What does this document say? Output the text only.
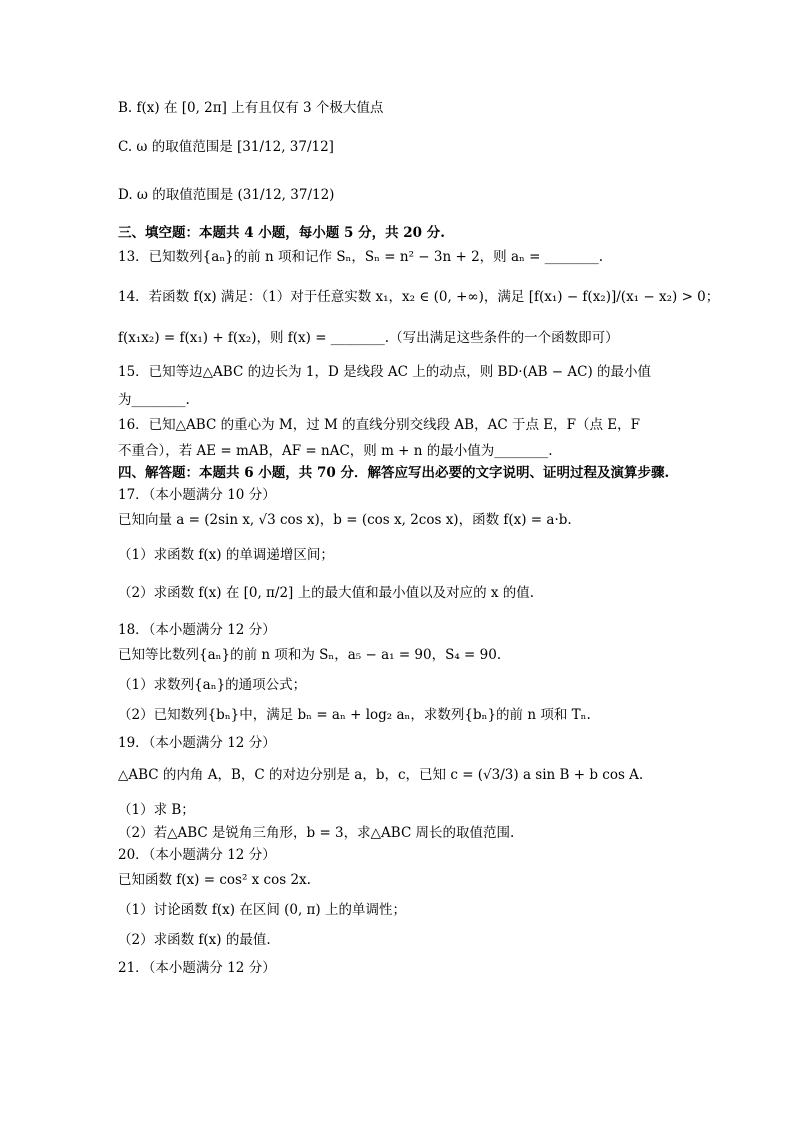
B. f(x) 在 [0, 2π] 上有且仅有 3 个极大值点
C. ω 的取值范围是 [31/12, 37/12]
D. ω 的取值范围是 (31/12, 37/12)
三、填空题：本题共 4 小题，每小题 5 分，共 20 分.
13．已知数列{aₙ}的前 n 项和记作 Sₙ，Sₙ = n² − 3n + 2，则 aₙ = ________.
14．若函数 f(x) 满足：（1）对于任意实数 x₁，x₂ ∈ (0, +∞)，满足 [f(x₁) − f(x₂)]/(x₁ − x₂) > 0；
f(x₁x₂) = f(x₁) + f(x₂)，则 f(x) = ________.（写出满足这些条件的一个函数即可）
15．已知等边△ABC 的边长为 1，D 是线段 AC 上的动点，则 BD·(AB − AC) 的最小值
为________.
16．已知△ABC 的重心为 M，过 M 的直线分别交线段 AB，AC 于点 E，F（点 E，F
不重合），若 AE = mAB，AF = nAC，则 m + n 的最小值为________.
四、解答题：本题共 6 小题，共 70 分．解答应写出必要的文字说明、证明过程及演算步骤.
17．（本小题满分 10 分）
已知向量 a = (2sin x, √3 cos x)，b = (cos x, 2cos x)，函数 f(x) = a·b.
（1）求函数 f(x) 的单调递增区间；
（2）求函数 f(x) 在 [0, π/2] 上的最大值和最小值以及对应的 x 的值.
18．（本小题满分 12 分）
已知等比数列{aₙ}的前 n 项和为 Sₙ，a₅ − a₁ = 90，S₄ = 90.
（1）求数列{aₙ}的通项公式；
（2）已知数列{bₙ}中，满足 bₙ = aₙ + log₂ aₙ，求数列{bₙ}的前 n 项和 Tₙ.
19．（本小题满分 12 分）
△ABC 的内角 A，B，C 的对边分别是 a，b，c，已知 c = (√3/3) a sin B + b cos A.
（1）求 B；
（2）若△ABC 是锐角三角形，b = 3，求△ABC 周长的取值范围.
20．（本小题满分 12 分）
已知函数 f(x) = cos² x cos 2x.
（1）讨论函数 f(x) 在区间 (0, π) 上的单调性；
（2）求函数 f(x) 的最值.
21．（本小题满分 12 分）
